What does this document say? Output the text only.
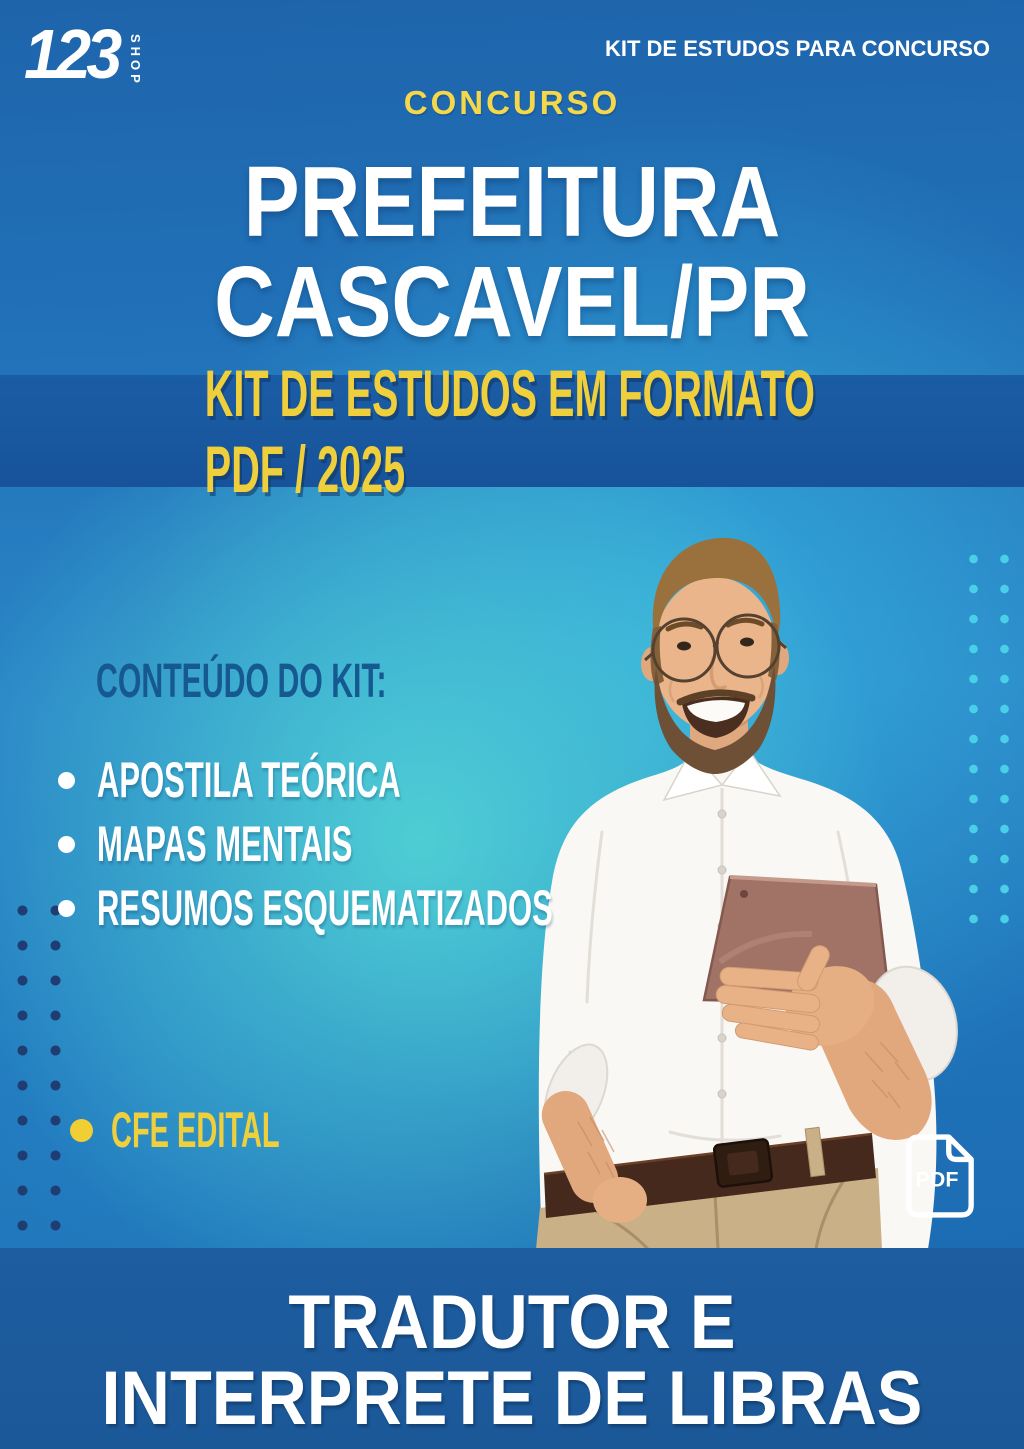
123 SHOP	KIT DE ESTUDOS PARA CONCURSO
CONCURSO
PREFEITURA
CASCAVEL/PR
KIT DE ESTUDOS EM FORMATO PDF / 2025
CONTEÚDO DO KIT:
APOSTILA TEÓRICA
MAPAS MENTAIS
RESUMOS ESQUEMATIZADOS
CFE EDITAL
PDF
TRADUTOR E
INTERPRETE DE LIBRAS
